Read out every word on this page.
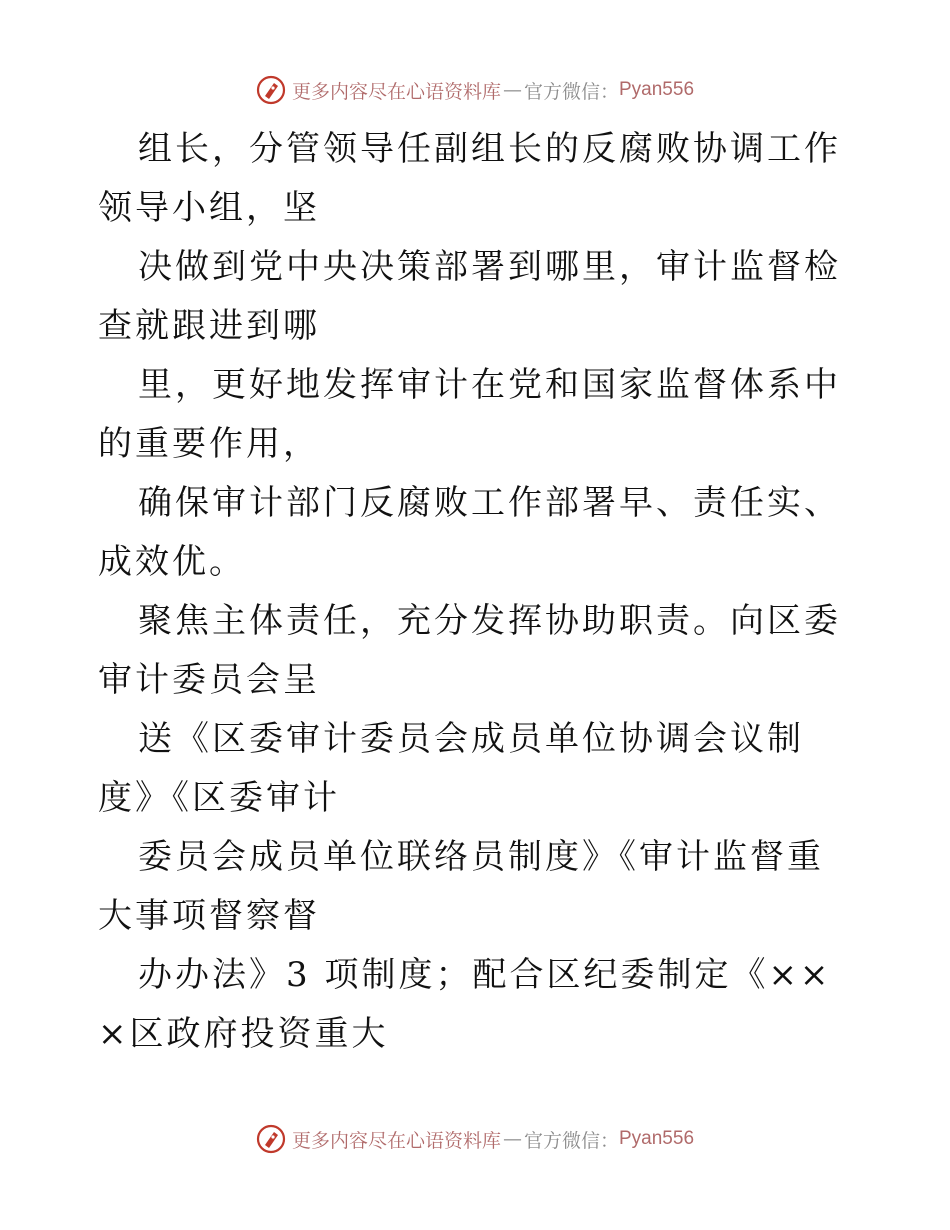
更多内容尽在心语资料库 — 官方微信： Pyan556

组长，分管领导任副组长的反腐败协调工作领导小组，坚

决做到党中央决策部署到哪里，审计监督检查就跟进到哪

里，更好地发挥审计在党和国家监督体系中的重要作用，

确保审计部门反腐败工作部署早、责任实、成效优。

聚焦主体责任，充分发挥协助职责。向区委审计委员会呈

送《区委审计委员会成员单位协调会议制度》《区委审计

委员会成员单位联络员制度》《审计监督重大事项督察督

办办法》3 项制度；配合区纪委制定《×××区政府投资重大

更多内容尽在心语资料库 — 官方微信： Pyan556
